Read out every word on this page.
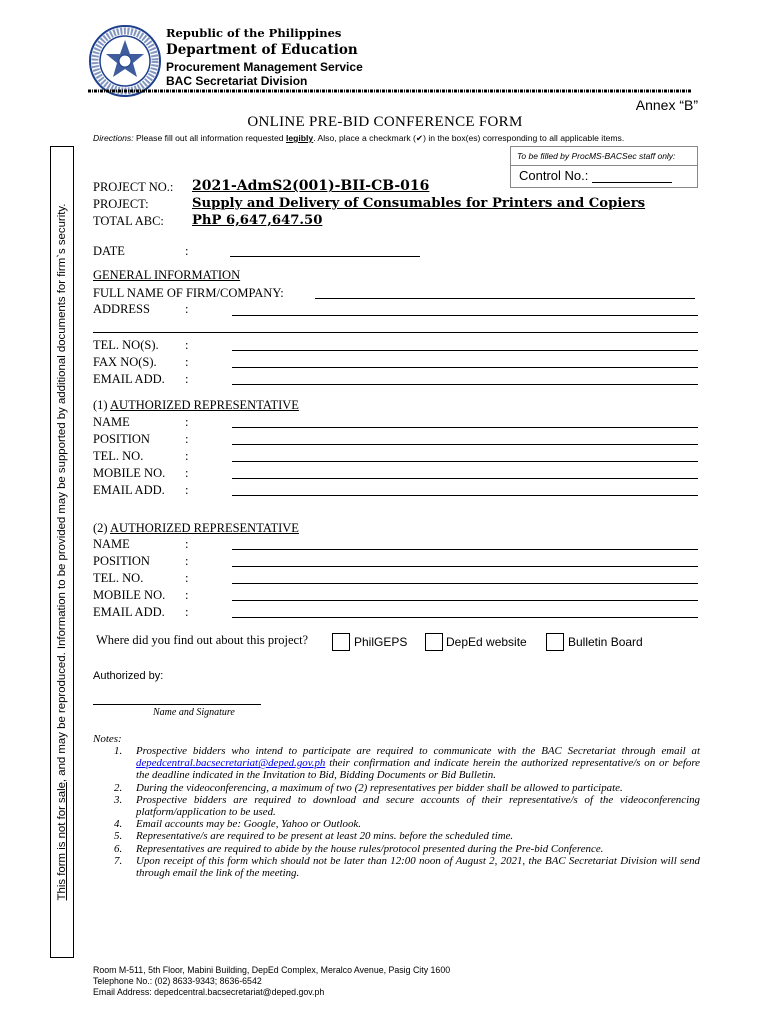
This form is not for sale, and may be reproduced. Information to be provided may be supported by additional documents for firm`s security.
Republic of the Philippines
Department of Education
Procurement Management Service
BAC Secretariat Division
Annex “B”
ONLINE PRE-BID CONFERENCE FORM
Directions: Please fill out all information requested legibly. Also, place a checkmark (✔) in the box(es) corresponding to all applicable items.
To be filled by ProcMS-BACSec staff only:
Control No.:
PROJECT NO.: 2021-AdmS2(001)-BII-CB-016
PROJECT:	Supply and Delivery of Consumables for Printers and Copiers
TOTAL ABC: PhP 6,647,647.50
DATE	:
GENERAL INFORMATION
FULL NAME OF FIRM/COMPANY:
ADDRESS	:
TEL. NO(S). :
FAX NO(S). :
EMAIL ADD. :
(1) AUTHORIZED REPRESENTATIVE
NAME	:
POSITION	:
TEL. NO.	:
MOBILE NO. :
EMAIL ADD. :
(2) AUTHORIZED REPRESENTATIVE
NAME	:
POSITION	:
TEL. NO.	:
MOBILE NO. :
EMAIL ADD. :
Where did you find out about this project?	PhilGEPS	DepEd website	Bulletin Board
Authorized by:
Name and Signature
Notes:
1. Prospective bidders who intend to participate are required to communicate with the BAC Secretariat through email at depedcentral.bacsecretariat@deped.gov.ph their confirmation and indicate herein the authorized representative/s on or before the deadline indicated in the Invitation to Bid, Bidding Documents or Bid Bulletin.
2. During the videoconferencing, a maximum of two (2) representatives per bidder shall be allowed to participate.
3. Prospective bidders are required to download and secure accounts of their representative/s of the videoconferencing platform/application to be used.
4. Email accounts may be: Google, Yahoo or Outlook.
5. Representative/s are required to be present at least 20 mins. before the scheduled time.
6. Representatives are required to abide by the house rules/protocol presented during the Pre-bid Conference.
7. Upon receipt of this form which should not be later than 12:00 noon of August 2, 2021, the BAC Secretariat Division will send through email the link of the meeting.
Room M-511, 5th Floor, Mabini Building, DepEd Complex, Meralco Avenue, Pasig City 1600
Telephone No.: (02) 8633-9343; 8636-6542
Email Address: depedcentral.bacsecretariat@deped.gov.ph
